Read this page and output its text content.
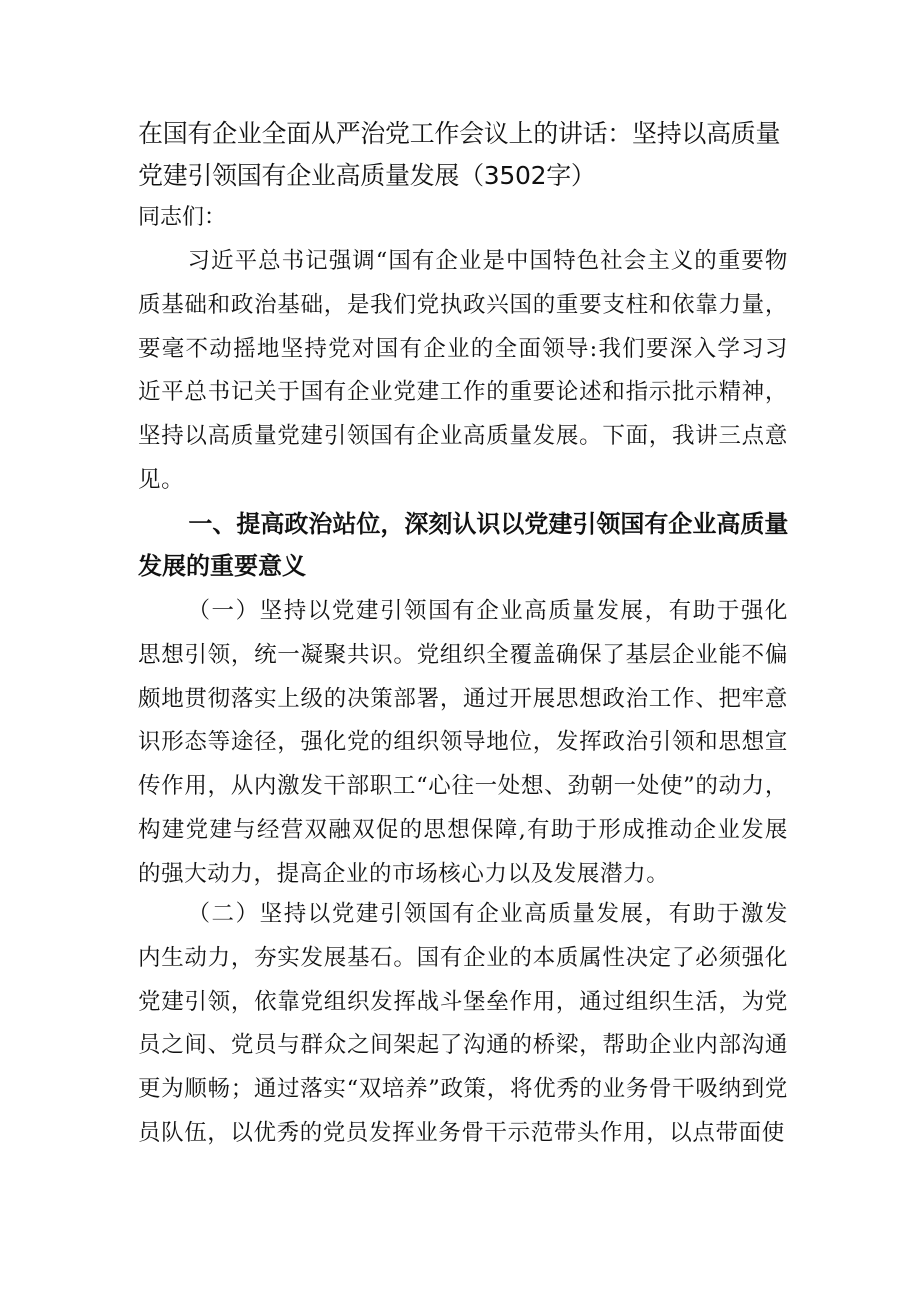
在国有企业全面从严治党工作会议上的讲话：坚持以高质量党建引领国有企业高质量发展（3502字）

同志们：

习近平总书记强调“国有企业是中国特色社会主义的重要物质基础和政治基础，是我们党执政兴国的重要支柱和依靠力量，要毫不动摇地坚持党对国有企业的全面领导:我们要深入学习习近平总书记关于国有企业党建工作的重要论述和指示批示精神，坚持以高质量党建引领国有企业高质量发展。下面，我讲三点意见。

一、提高政治站位，深刻认识以党建引领国有企业高质量发展的重要意义

（一）坚持以党建引领国有企业高质量发展，有助于强化思想引领，统一凝聚共识。党组织全覆盖确保了基层企业能不偏颇地贯彻落实上级的决策部署，通过开展思想政治工作、把牢意识形态等途径，强化党的组织领导地位，发挥政治引领和思想宣传作用，从内激发干部职工“心往一处想、劲朝一处使”的动力，构建党建与经营双融双促的思想保障,有助于形成推动企业发展的强大动力，提高企业的市场核心力以及发展潜力。

（二）坚持以党建引领国有企业高质量发展，有助于激发内生动力，夯实发展基石。国有企业的本质属性决定了必须强化党建引领，依靠党组织发挥战斗堡垒作用，通过组织生活，为党员之间、党员与群众之间架起了沟通的桥梁，帮助企业内部沟通更为顺畅；通过落实“双培养”政策，将优秀的业务骨干吸纳到党员队伍，以优秀的党员发挥业务骨干示范带头作用，以点带面使
